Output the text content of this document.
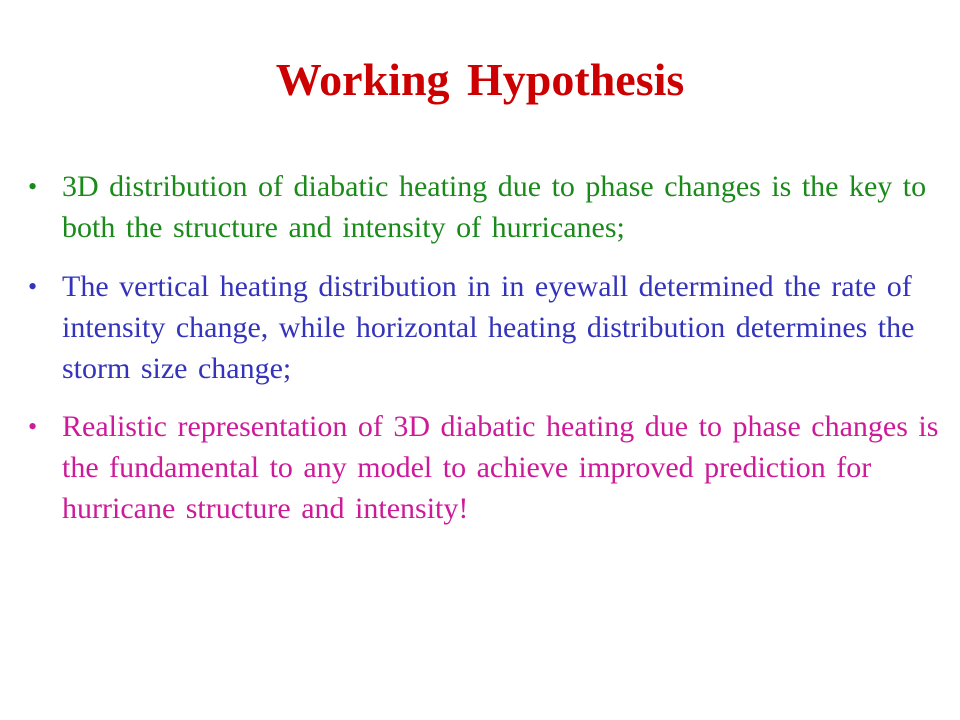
Working Hypothesis
• 3D distribution of diabatic heating due to phase changes is the key to both the structure and intensity of hurricanes;
• The vertical heating distribution in in eyewall determined the rate of intensity change, while horizontal heating distribution determines the storm size change;
• Realistic representation of 3D diabatic heating due to phase changes is the fundamental to any model to achieve improved prediction for hurricane structure and intensity!
